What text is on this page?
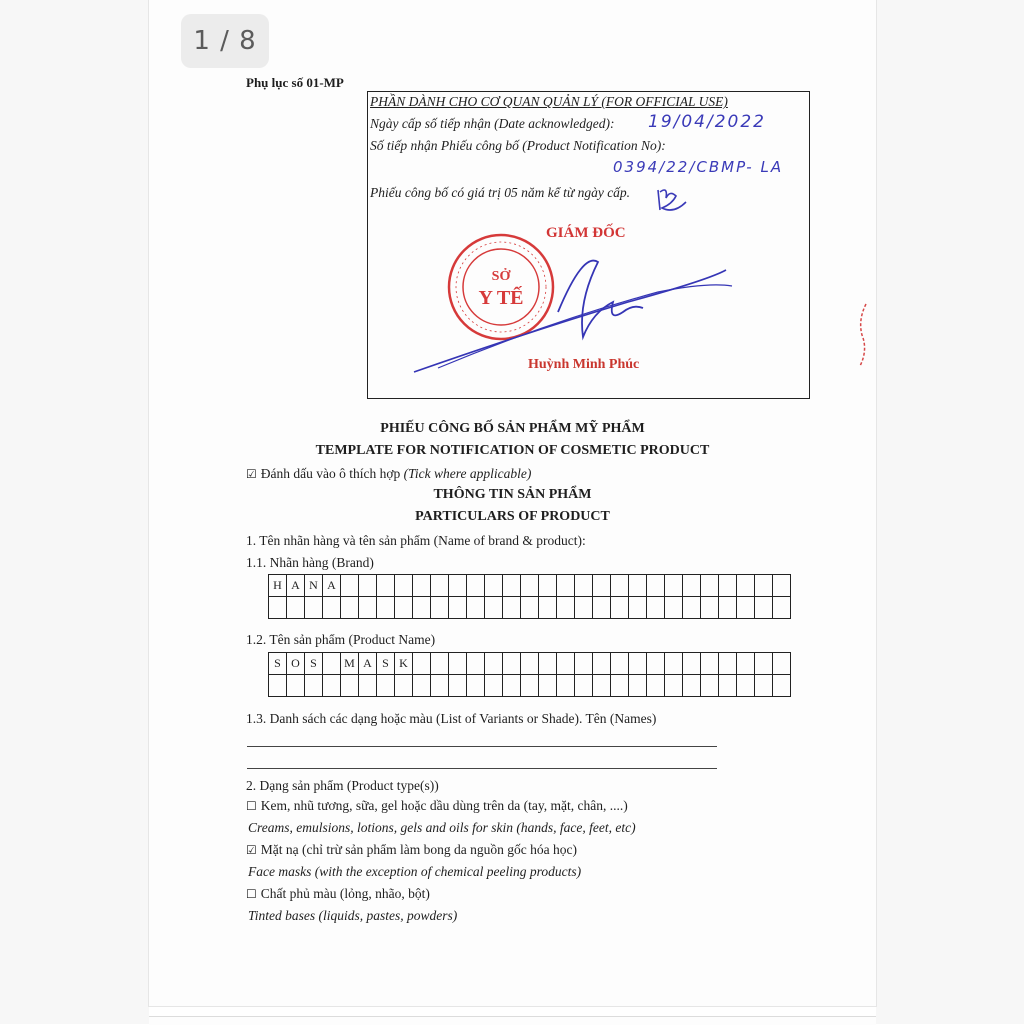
1 / 8
Phụ lục số 01-MP
PHẦN DÀNH CHO CƠ QUAN QUẢN LÝ (FOR OFFICIAL USE)
Ngày cấp số tiếp nhận (Date acknowledged): 19/04/2022
Số tiếp nhận Phiếu công bố (Product Notification No):
0394/22/CBMP- LA
Phiếu công bố có giá trị 05 năm kể từ ngày cấp.
GIÁM ĐỐC
SỞ
Y TẾ
Huỳnh Minh Phúc
PHIẾU CÔNG BỐ SẢN PHẨM MỸ PHẨM
TEMPLATE FOR NOTIFICATION OF COSMETIC PRODUCT
☑ Đánh dấu vào ô thích hợp (Tick where applicable)
THÔNG TIN SẢN PHẨM
PARTICULARS OF PRODUCT
1. Tên nhãn hàng và tên sản phẩm (Name of brand & product):
1.1. Nhãn hàng (Brand)
H A N A
1.2. Tên sản phẩm (Product Name)
S O S	M A S K
1.3. Danh sách các dạng hoặc màu (List of Variants or Shade). Tên (Names)
2. Dạng sản phẩm (Product type(s))
☐ Kem, nhũ tương, sữa, gel hoặc dầu dùng trên da (tay, mặt, chân, ....)
Creams, emulsions, lotions, gels and oils for skin (hands, face, feet, etc)
☑ Mặt nạ (chỉ trừ sản phẩm làm bong da nguồn gốc hóa học)
Face masks (with the exception of chemical peeling products)
☐ Chất phủ màu (lỏng, nhão, bột)
Tinted bases (liquids, pastes, powders)
